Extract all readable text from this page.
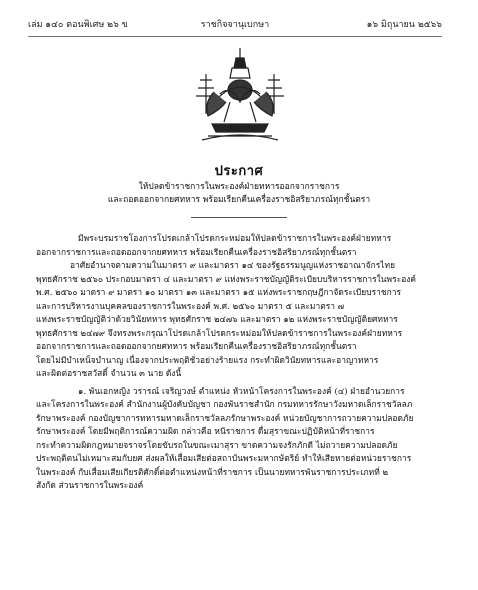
เล่ม ๑๔๐ ตอนพิเศษ ๒๖ ข	ราชกิจจานุเบกษา	๑๖ มิถุนายน ๒๕๖๖
ประกาศ
ให้ปลดข้าราชการในพระองค์ฝ่ายทหารออกจากราชการ
และถอดออกจากยศทหาร พร้อมเรียกคืนเครื่องราชอิสริยาภรณ์ทุกชั้นตรา
มีพระบรมราชโองการโปรดเกล้าโปรดกระหม่อมให้ปลดข้าราชการในพระองค์ฝ่ายทหาร
ออกจากราชการและถอดออกจากยศทหาร พร้อมเรียกคืนเครื่องราชอิสริยาภรณ์ทุกชั้นตรา
อาศัยอำนาจตามความในมาตรา ๙ และมาตรา ๑๔ ของรัฐธรรมนูญแห่งราชอาณาจักรไทย
พุทธศักราช ๒๕๖๐ ประกอบมาตรา ๔ และมาตรา ๙ แห่งพระราชบัญญัติระเบียบบริหารราชการในพระองค์
พ.ศ. ๒๕๖๐ มาตรา ๙ มาตรา ๑๐ มาตรา ๑๓ และมาตรา ๑๕ แห่งพระราชกฤษฎีกาจัดระเบียบราชการ
และการบริหารงานบุคคลของราชการในพระองค์ พ.ศ. ๒๕๖๐ มาตรา ๕ และมาตรา ๗
แห่งพระราชบัญญัติว่าด้วยวินัยทหาร พุทธศักราช ๒๔๗๖ และมาตรา ๑๒ แห่งพระราชบัญญัติยศทหาร
พุทธศักราช ๒๔๗๙ จึงทรงพระกรุณาโปรดเกล้าโปรดกระหม่อมให้ปลดข้าราชการในพระองค์ฝ่ายทหาร
ออกจากราชการและถอดออกจากยศทหาร พร้อมเรียกคืนเครื่องราชอิสริยาภรณ์ทุกชั้นตรา
โดยไม่มีบำเหน็จบำนาญ เนื่องจากประพฤติชั่วอย่างร้ายแรง กระทำผิดวินัยทหารและอาญาทหาร
และผิดต่อราชสวัสดิ์ จำนวน ๓ นาย ดังนี้
๑. พันเอกหญิง วรารณ์ เจริญวงษ์ ตำแหน่ง หัวหน้าโครงการในพระองค์ (๔) ฝ่ายอำนวยการ
และโครงการในพระองค์ สำนักงานผู้บังคับบัญชา กองพันราชสำนัก กรมทหารรักษาวังมหาดเล็กราชวัลลภ
รักษาพระองค์ กองบัญชาการทหารมหาดเล็กราชวัลลภรักษาพระองค์ หน่วยบัญชาการถวายความปลอดภัย
รักษาพระองค์ โดยมีพฤติการณ์ความผิด กล่าวคือ หนีราชการ ดื่มสุราขณะปฏิบัติหน้าที่ราชการ
กระทำความผิดกฎหมายจราจรโดยขับรถในขณะเมาสุรา ขาดความจงรักภักดี ไม่ถวายความปลอดภัย
ประพฤติตนไม่เหมาะสมกับยศ ส่งผลให้เสื่อมเสียต่อสถาบันพระมหากษัตริย์ ทำให้เสียหายต่อหน่วยราชการ
ในพระองค์ กับเสื่อมเสียเกียรติศักดิ์ต่อตำแหน่งหน้าที่ราชการ เป็นนายทหารพันราชการประเภทที่ ๒
สังกัด ส่วนราชการในพระองค์
